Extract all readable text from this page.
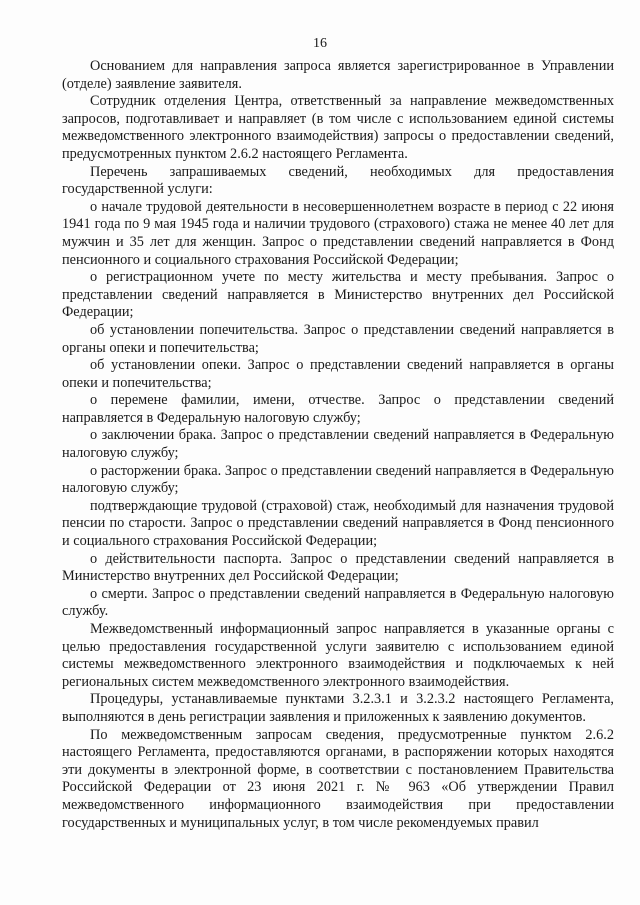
16

Основанием для направления запроса является зарегистрированное в Управлении (отделе) заявление заявителя.

Сотрудник отделения Центра, ответственный за направление межведомственных запросов, подготавливает и направляет (в том числе с использованием единой системы межведомственного электронного взаимодействия) запросы о предоставлении сведений, предусмотренных пунктом 2.6.2 настоящего Регламента.

Перечень запрашиваемых сведений, необходимых для предоставления государственной услуги:

о начале трудовой деятельности в несовершеннолетнем возрасте в период с 22 июня 1941 года по 9 мая 1945 года и наличии трудового (страхового) стажа не менее 40 лет для мужчин и 35 лет для женщин. Запрос о представлении сведений направляется в Фонд пенсионного и социального страхования Российской Федерации;

о регистрационном учете по месту жительства и месту пребывания. Запрос о представлении сведений направляется в Министерство внутренних дел Российской Федерации;

об установлении попечительства. Запрос о представлении сведений направляется в органы опеки и попечительства;

об установлении опеки. Запрос о представлении сведений направляется в органы опеки и попечительства;

о перемене фамилии, имени, отчестве. Запрос о представлении сведений направляется в Федеральную налоговую службу;

о заключении брака. Запрос о представлении сведений направляется в Федеральную налоговую службу;

о расторжении брака. Запрос о представлении сведений направляется в Федеральную налоговую службу;

подтверждающие трудовой (страховой) стаж, необходимый для назначения трудовой пенсии по старости. Запрос о представлении сведений направляется в Фонд пенсионного и социального страхования Российской Федерации;

о действительности паспорта. Запрос о представлении сведений направляется в Министерство внутренних дел Российской Федерации;

о смерти. Запрос о представлении сведений направляется в Федеральную налоговую службу.

Межведомственный информационный запрос направляется в указанные органы с целью предоставления государственной услуги заявителю с использованием единой системы межведомственного электронного взаимодействия и подключаемых к ней региональных систем межведомственного электронного взаимодействия.

Процедуры, устанавливаемые пунктами 3.2.3.1 и 3.2.3.2 настоящего Регламента, выполняются в день регистрации заявления и приложенных к заявлению документов.

По межведомственным запросам сведения, предусмотренные пунктом 2.6.2 настоящего Регламента, предоставляются органами, в распоряжении которых находятся эти документы в электронной форме, в соответствии с постановлением Правительства Российской Федерации от 23 июня 2021 г. № 963 «Об утверждении Правил межведомственного информационного взаимодействия при предоставлении государственных и муниципальных услуг, в том числе рекомендуемых правил
